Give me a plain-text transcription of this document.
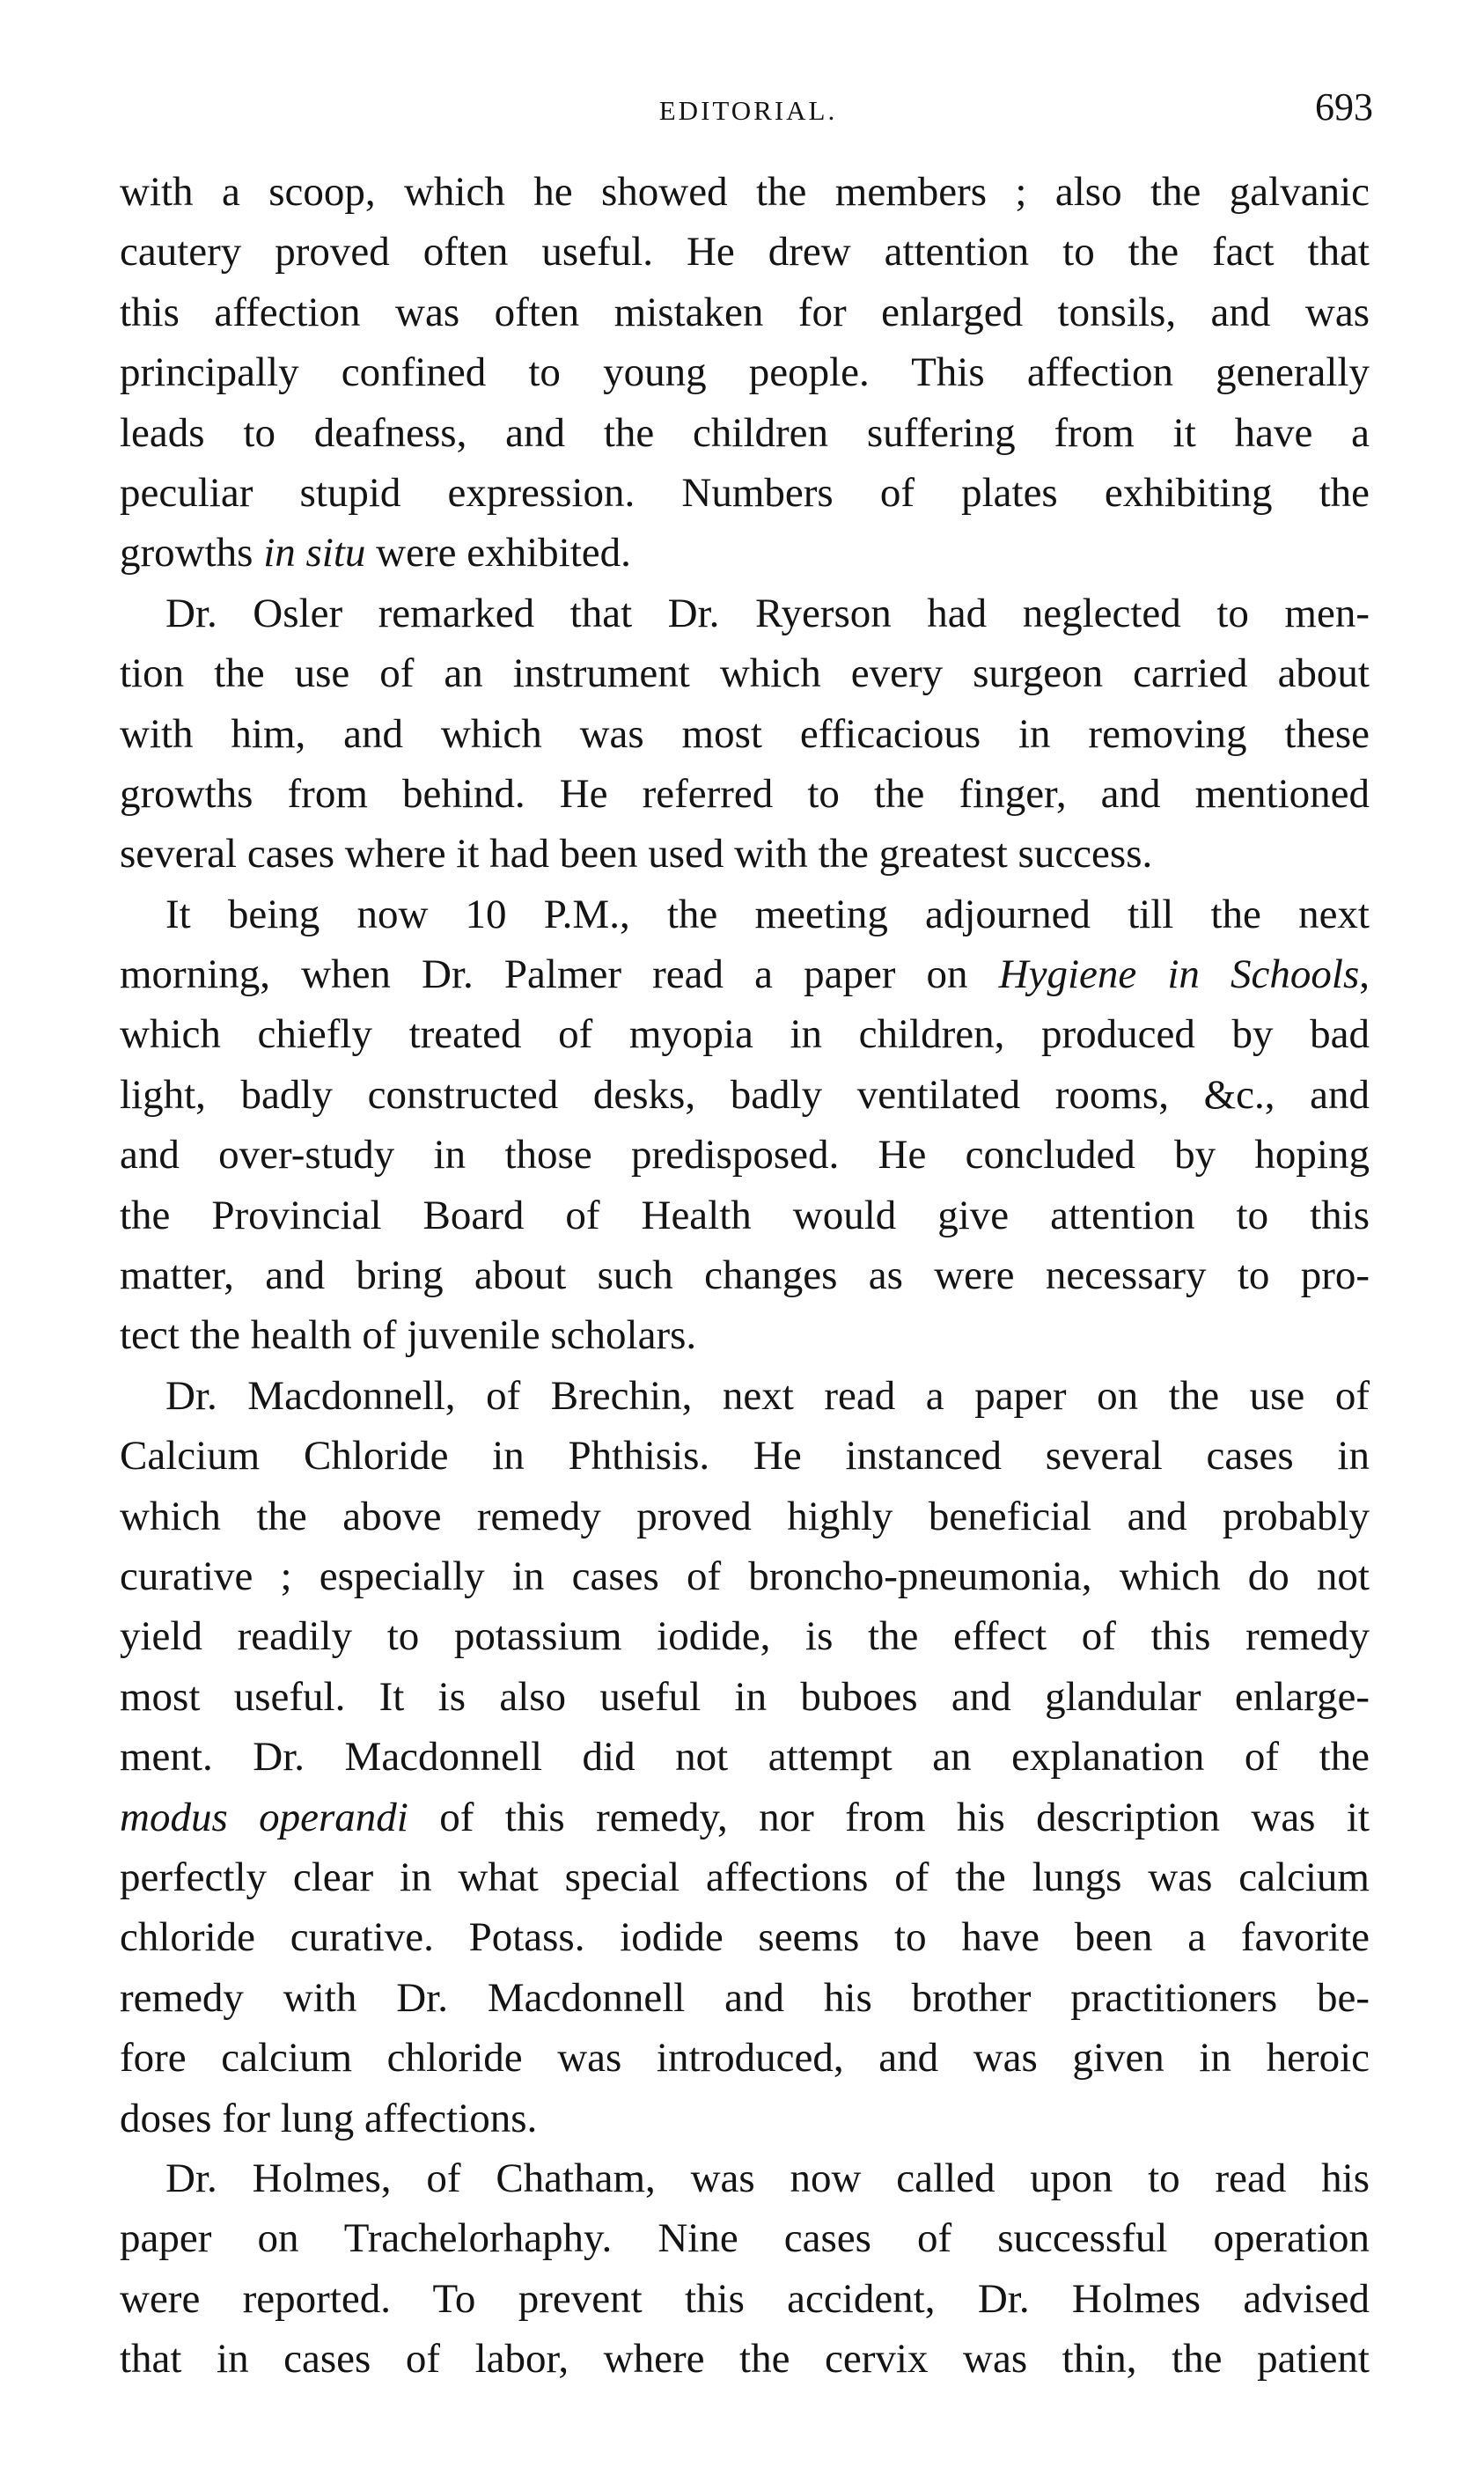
EDITORIAL.	693
with a scoop, which he showed the members ; also the galvanic
cautery proved often useful. He drew attention to the fact that
this affection was often mistaken for enlarged tonsils, and was
principally confined to young people. This affection generally
leads to deafness, and the children suffering from it have a
peculiar stupid expression. Numbers of plates exhibiting the
growths in situ were exhibited.
Dr. Osler remarked that Dr. Ryerson had neglected to men-
tion the use of an instrument which every surgeon carried about
with him, and which was most efficacious in removing these
growths from behind. He referred to the finger, and mentioned
several cases where it had been used with the greatest success.
It being now 10 P.M., the meeting adjourned till the next
morning, when Dr. Palmer read a paper on Hygiene in Schools,
which chiefly treated of myopia in children, produced by bad
light, badly constructed desks, badly ventilated rooms, &c., and
and over-study in those predisposed. He concluded by hoping
the Provincial Board of Health would give attention to this
matter, and bring about such changes as were necessary to pro-
tect the health of juvenile scholars.
Dr. Macdonnell, of Brechin, next read a paper on the use of
Calcium Chloride in Phthisis. He instanced several cases in
which the above remedy proved highly beneficial and probably
curative ; especially in cases of broncho-pneumonia, which do not
yield readily to potassium iodide, is the effect of this remedy
most useful. It is also useful in buboes and glandular enlarge-
ment. Dr. Macdonnell did not attempt an explanation of the
modus operandi of this remedy, nor from his description was it
perfectly clear in what special affections of the lungs was calcium
chloride curative. Potass. iodide seems to have been a favorite
remedy with Dr. Macdonnell and his brother practitioners be-
fore calcium chloride was introduced, and was given in heroic
doses for lung affections.
Dr. Holmes, of Chatham, was now called upon to read his
paper on Trachelorhaphy. Nine cases of successful operation
were reported. To prevent this accident, Dr. Holmes advised
that in cases of labor, where the cervix was thin, the patient
